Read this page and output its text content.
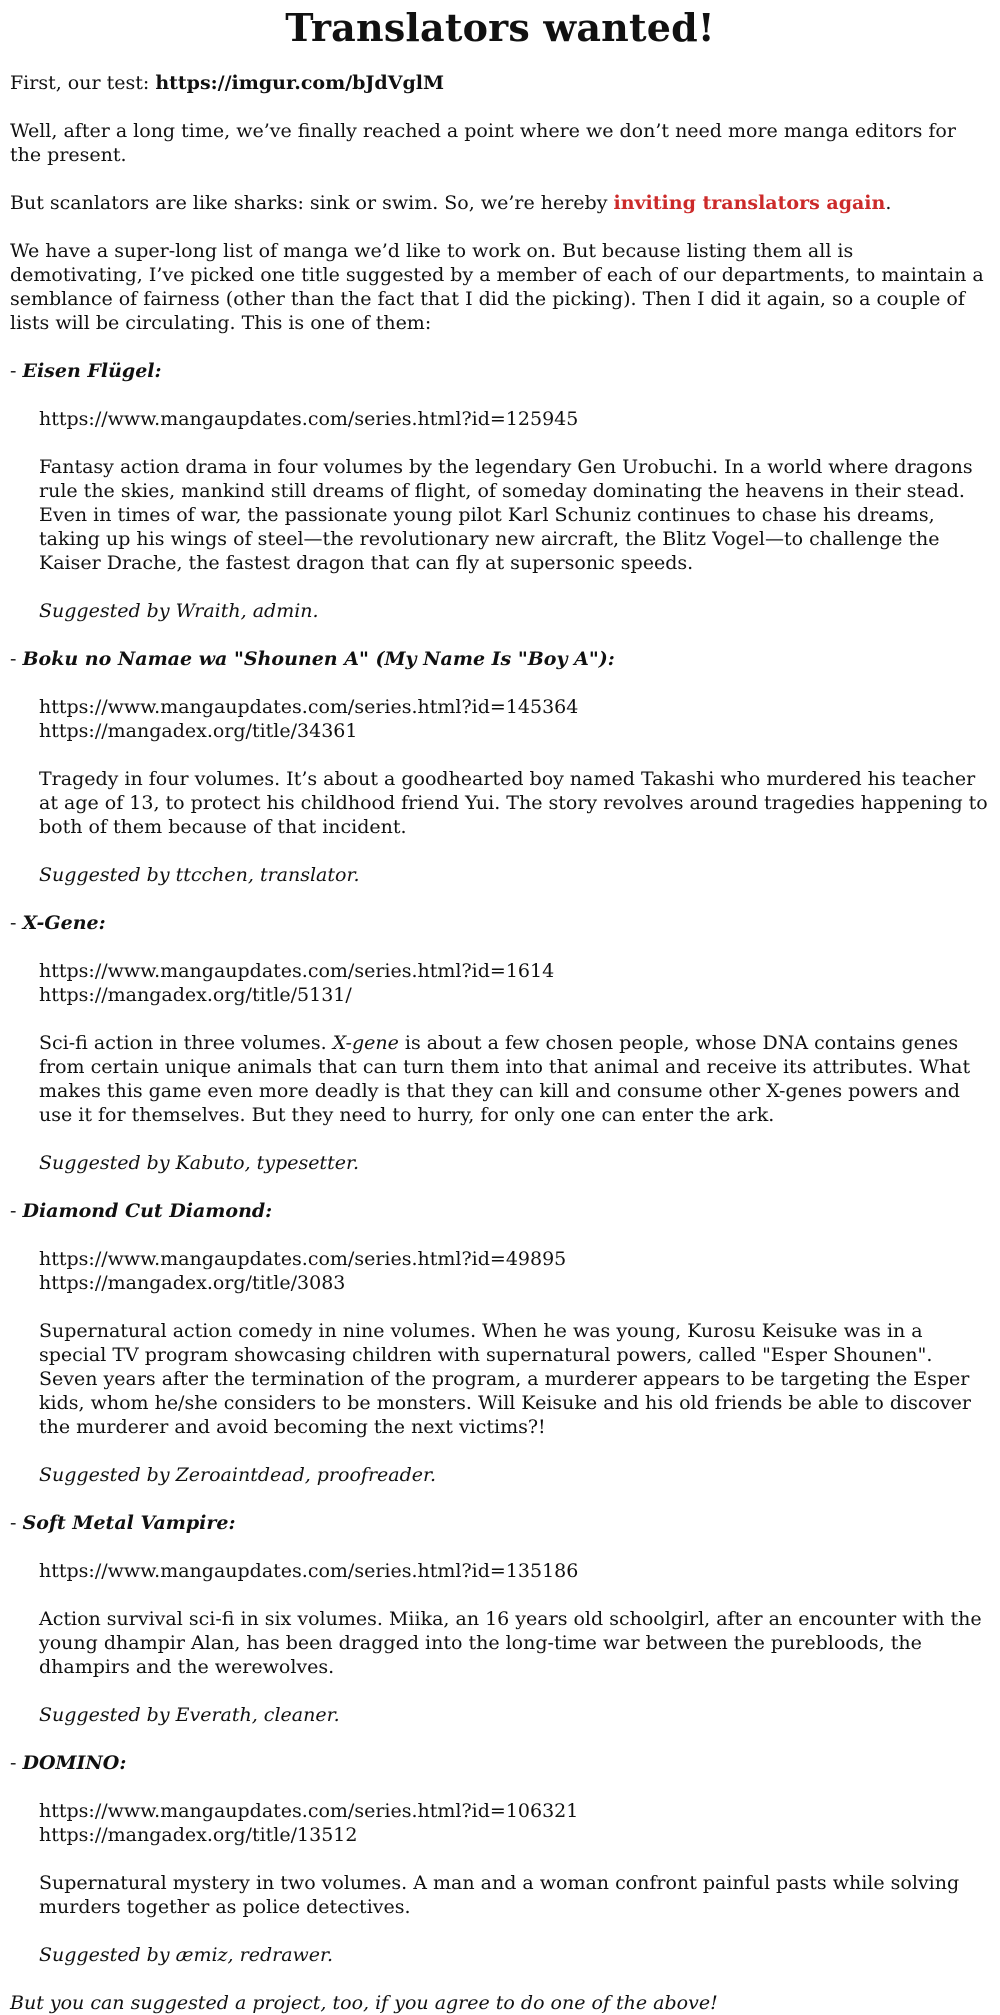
Translators wanted!

First, our test: https://imgur.com/bJdVglM

Well, after a long time, we’ve finally reached a point where we don’t need more manga editors for the present.

But scanlators are like sharks: sink or swim. So, we’re hereby inviting translators again.

We have a super-long list of manga we’d like to work on. But because listing them all is demotivating, I’ve picked one title suggested by a member of each of our departments, to maintain a semblance of fairness (other than the fact that I did the picking). Then I did it again, so a couple of lists will be circulating. This is one of them:

- Eisen Flügel:

https://www.mangaupdates.com/series.html?id=125945

Fantasy action drama in four volumes by the legendary Gen Urobuchi. In a world where dragons rule the skies, mankind still dreams of flight, of someday dominating the heavens in their stead. Even in times of war, the passionate young pilot Karl Schuniz continues to chase his dreams, taking up his wings of steel—the revolutionary new aircraft, the Blitz Vogel—to challenge the Kaiser Drache, the fastest dragon that can fly at supersonic speeds.

Suggested by Wraith, admin.

- Boku no Namae wa "Shounen A" (My Name Is "Boy A"):

https://www.mangaupdates.com/series.html?id=145364
https://mangadex.org/title/34361

Tragedy in four volumes. It’s about a goodhearted boy named Takashi who murdered his teacher at age of 13, to protect his childhood friend Yui. The story revolves around tragedies happening to both of them because of that incident.

Suggested by ttcchen, translator.

- X-Gene:

https://www.mangaupdates.com/series.html?id=1614
https://mangadex.org/title/5131/

Sci-fi action in three volumes. X-gene is about a few chosen people, whose DNA contains genes from certain unique animals that can turn them into that animal and receive its attributes. What makes this game even more deadly is that they can kill and consume other X-genes powers and use it for themselves. But they need to hurry, for only one can enter the ark.

Suggested by Kabuto, typesetter.

- Diamond Cut Diamond:

https://www.mangaupdates.com/series.html?id=49895
https://mangadex.org/title/3083

Supernatural action comedy in nine volumes. When he was young, Kurosu Keisuke was in a special TV program showcasing children with supernatural powers, called "Esper Shounen". Seven years after the termination of the program, a murderer appears to be targeting the Esper kids, whom he/she considers to be monsters. Will Keisuke and his old friends be able to discover the murderer and avoid becoming the next victims?!

Suggested by Zeroaintdead, proofreader.

- Soft Metal Vampire:

https://www.mangaupdates.com/series.html?id=135186

Action survival sci-fi in six volumes. Miika, an 16 years old schoolgirl, after an encounter with the young dhampir Alan, has been dragged into the long-time war between the purebloods, the dhampirs and the werewolves.

Suggested by Everath, cleaner.

- DOMINO:

https://www.mangaupdates.com/series.html?id=106321
https://mangadex.org/title/13512

Supernatural mystery in two volumes. A man and a woman confront painful pasts while solving murders together as police detectives.

Suggested by æmiz, redrawer.

But you can suggested a project, too, if you agree to do one of the above!
